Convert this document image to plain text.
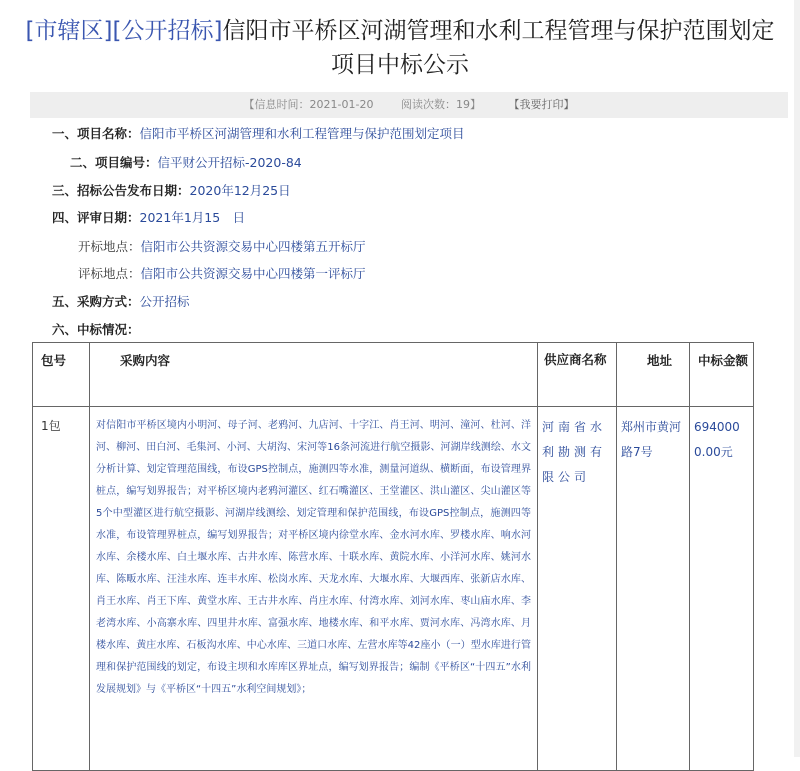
[市辖区][公开招标]信阳市平桥区河湖管理和水利工程管理与保护范围划定项目中标公示
【信息时间：2021-01-20	阅读次数：19】	【我要打印】
一、项目名称：信阳市平桥区河湖管理和水利工程管理与保护范围划定项目
二、项目编号：信平财公开招标-2020-84
三、招标公告发布日期：2020年12月25日
四、评审日期：2021年1月15　日
开标地点：信阳市公共资源交易中心四楼第五开标厅
评标地点：信阳市公共资源交易中心四楼第一评标厅
五、采购方式：公开招标
六、中标情况：
包号	采购内容	供应商名称	地址	中标金额
1包	对信阳市平桥区境内小明河、母子河、老鸦河、九店河、十字江、肖王河、明河、潼河、杜河、洋河、柳河、田白河、毛集河、小河、大胡沟、宋河等16条河流进行航空摄影、河湖岸线测绘、水文分析计算、划定管理范围线，布设GPS控制点，施测四等水准，测量河道纵、横断面，布设管理界桩点，编写划界报告；对平桥区境内老鸦河灌区、红石嘴灌区、王堂灌区、洪山灌区、尖山灌区等5个中型灌区进行航空摄影、河湖岸线测绘、划定管理和保护范围线，布设GPS控制点，施测四等水准，布设管理界桩点，编写划界报告；对平桥区境内徐堂水库、金水河水库、罗楼水库、响水河水库、余楼水库、白土堰水库、古井水库、陈营水库、十联水库、黄院水库、小洋河水库、姚河水库、陈畈水库、汪洼水库、连丰水库、松岗水库、天龙水库、大堰水库、大堰西库、张新店水库、肖王水库、肖王下库、黄堂水库、王古井水库、肖庄水库、付湾水库、刘河水库、枣山庙水库、李老湾水库、小高寨水库、四里井水库、富强水库、地楼水库、和平水库、贾河水库、冯湾水库、月楼水库、黄庄水库、石板沟水库、中心水库、三道口水库、左营水库等42座小（一）型水库进行管理和保护范围线的划定，布设主坝和水库库区界址点，编写划界报告；编制《平桥区“十四五”水利发展规划》与《平桥区“十四五”水利空间规划》；	河南省水利勘测有限公司	郑州市黄河路7号	6940000.00元
